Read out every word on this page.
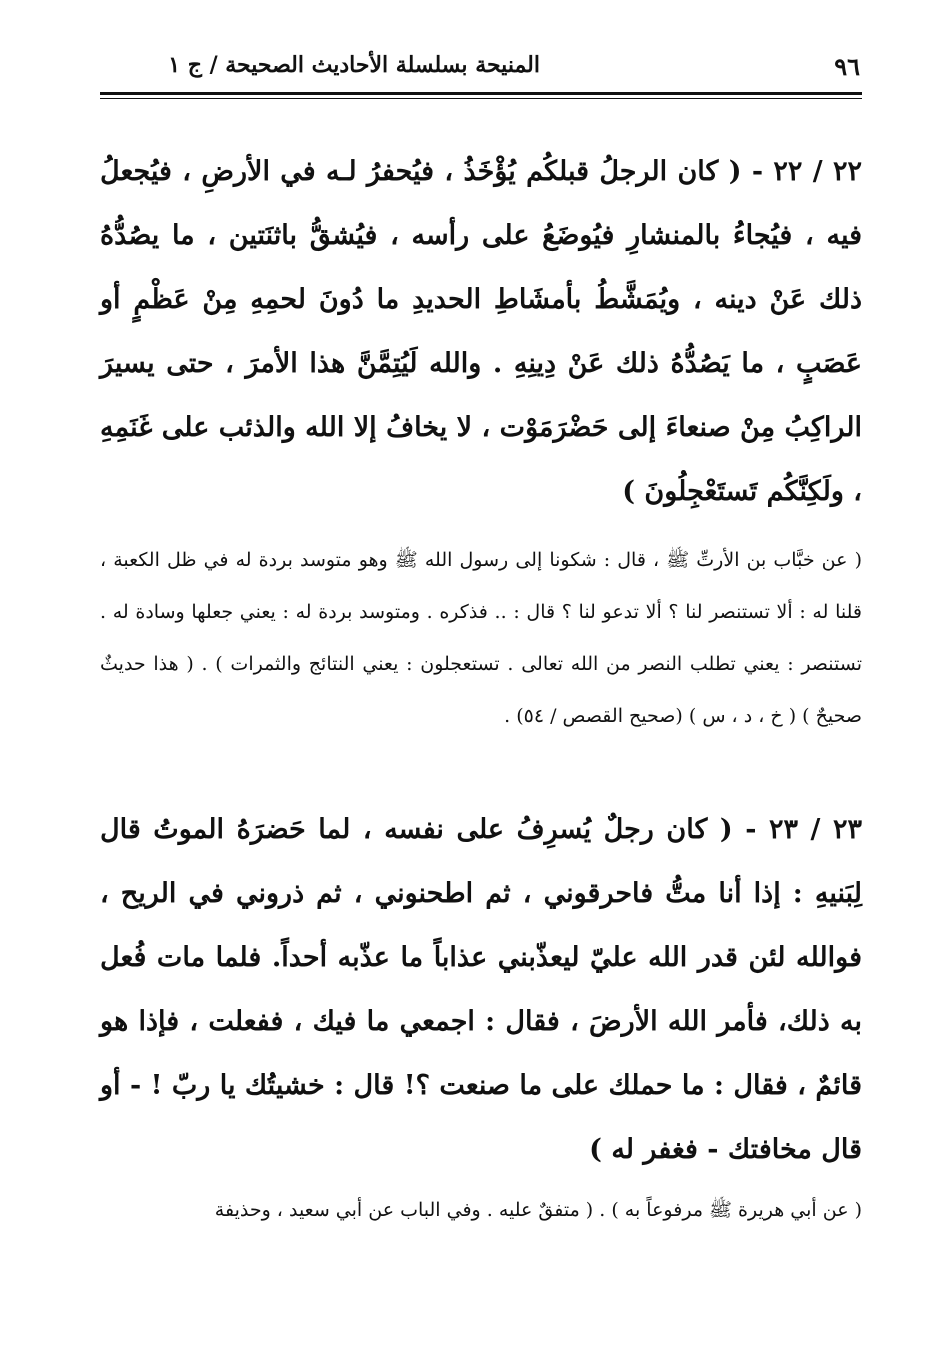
٩٦
المنيحة بسلسلة الأحاديث الصحيحة / ج ١
٢٢ / ٢٢ - ( كان الرجلُ قبلكُم يُؤْخَذُ ، فيُحفرُ لـه في الأرضِ ، فيُجعلُ فيه ، فيُجاءُ بالمنشارِ فيُوضَعُ على رأسه ، فيُشقُّ باثنَتين ، ما يصُدُّهُ ذلك عَنْ دينه ، ويُمَشَّطُ بأمشَاطِ الحديدِ ما دُونَ لحمِهِ مِنْ عَظْمٍ أو عَصَبٍ ، ما يَصُدُّهُ ذلك عَنْ دِينِهِ . والله لَيُتِمَّنَّ هذا الأمرَ ، حتى يسيرَ الراكِبُ مِنْ صنعاءَ إلى حَضْرَمَوْت ، لا يخافُ إلا الله والذئب على غَنَمِهِ ، ولَكِنَّكُم تَستَعْجِلُونَ )
( عن خبَّاب بن الأرتِّ ﷺ ، قال : شكونا إلى رسول الله ﷺ وهو متوسد بردة له في ظل الكعبة ، قلنا له : ألا تستنصر لنا ؟ ألا تدعو لنا ؟ قال : .. فذكره . ومتوسد بردة له : يعني جعلها وسادة له . تستنصر : يعني تطلب النصر من الله تعالى . تستعجلون : يعني النتائج والثمرات ) . ( هذا حديثٌ صحيحٌ ) ( خ ، د ، س ) (صحيح القصص / ٥٤) .
٢٣ / ٢٣ - ( كان رجلٌ يُسرِفُ على نفسه ، لما حَضرَهُ الموتُ قال لِبَنيهِ : إذا أنا متُّ فاحرقوني ، ثم اطحنوني ، ثم ذروني في الريح ، فوالله لئن قدر الله عليّ ليعذّبني عذاباً ما عذّبه أحداً. فلما مات فُعل به ذلك، فأمر الله الأرضَ ، فقال : اجمعي ما فيك ، ففعلت ، فإذا هو قائمٌ ، فقال : ما حملك على ما صنعت ؟! قال : خشيتُك يا ربّ ! - أو قال مخافتك - فغفر له )
( عن أبي هريرة ﷺ مرفوعاً به ) . ( متفقٌ عليه . وفي الباب عن أبي سعيد ، وحذيفة
